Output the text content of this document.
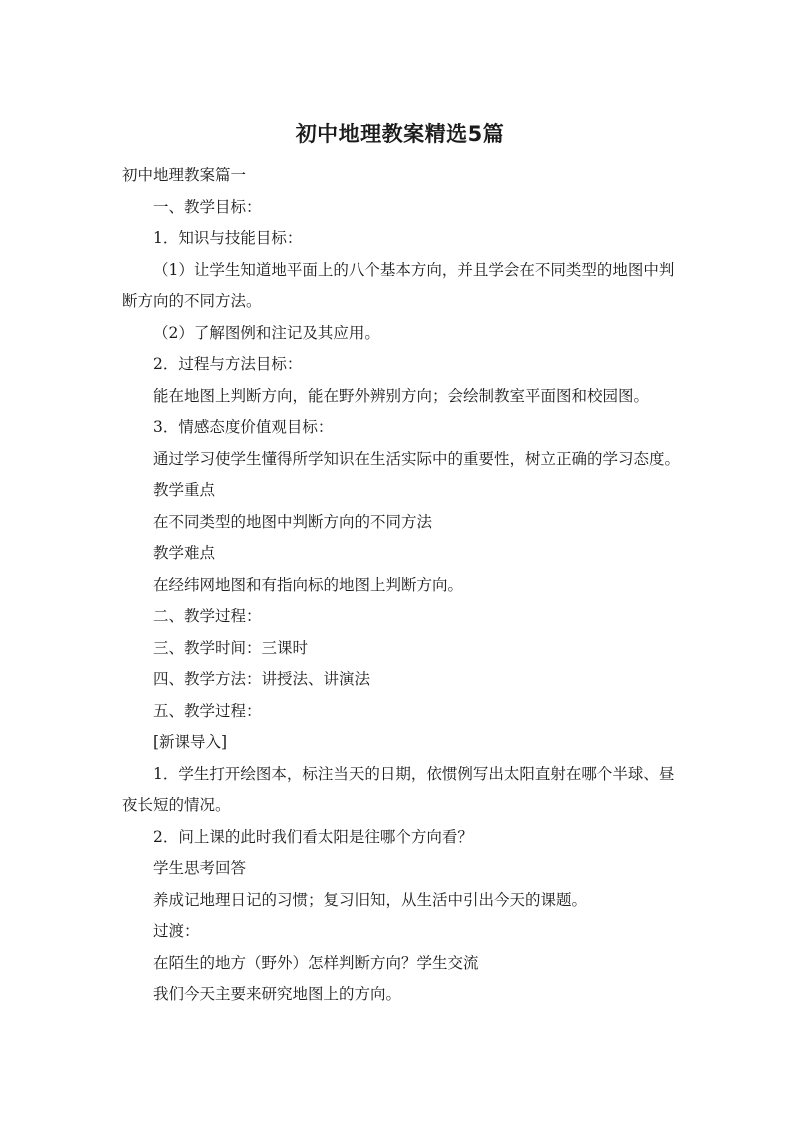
初中地理教案精选5篇

初中地理教案篇一

一、教学目标：

1．知识与技能目标：

（1）让学生知道地平面上的八个基本方向，并且学会在不同类型的地图中判断方向的不同方法。

（2）了解图例和注记及其应用。

2．过程与方法目标：

能在地图上判断方向，能在野外辨别方向；会绘制教室平面图和校园图。

3．情感态度价值观目标：

通过学习使学生懂得所学知识在生活实际中的重要性，树立正确的学习态度。

教学重点

在不同类型的地图中判断方向的不同方法

教学难点

在经纬网地图和有指向标的地图上判断方向。

二、教学过程：

三、教学时间：三课时

四、教学方法：讲授法、讲演法

五、教学过程：

[新课导入]

1．学生打开绘图本，标注当天的日期，依惯例写出太阳直射在哪个半球、昼夜长短的情况。

2．问上课的此时我们看太阳是往哪个方向看？

学生思考回答

养成记地理日记的习惯；复习旧知，从生活中引出今天的课题。

过渡：

在陌生的地方（野外）怎样判断方向？学生交流

我们今天主要来研究地图上的方向。
